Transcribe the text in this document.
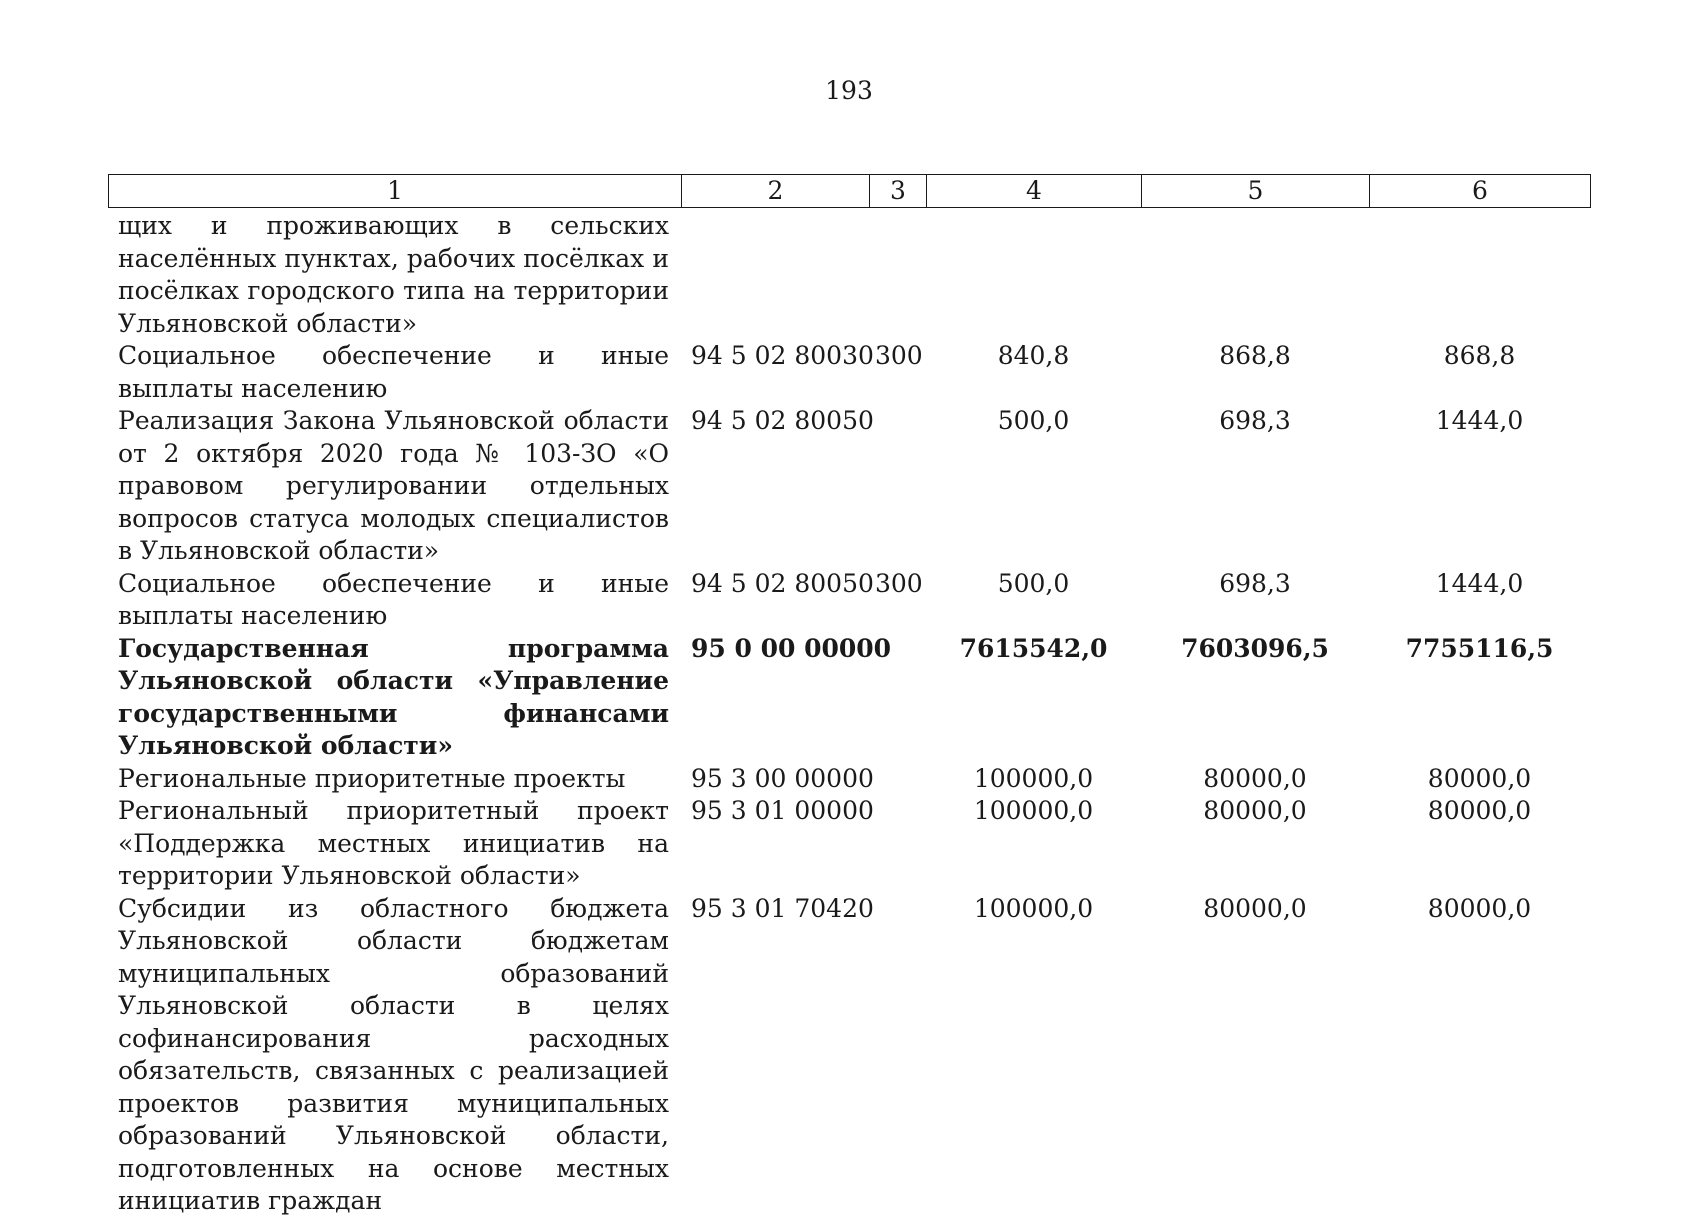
193
1	2	3	4	5	6

щих и проживающих в сельских населённых пунктах, рабочих посёлках и посёлках городского типа на территории Ульяновской области»					
Социальное обеспечение и иные выплаты населению	94 5 02 80030	300	840,8	868,8	868,8
Реализация Закона Ульяновской области от 2 октября 2020 года № 103-ЗО «О правовом регулировании отдельных вопросов статуса молодых специалистов в Ульяновской области»	94 5 02 80050		500,0	698,3	1444,0
Социальное обеспечение и иные выплаты населению	94 5 02 80050	300	500,0	698,3	1444,0
Государственная программа Ульяновской области «Управление государственными финансами Ульяновской области»	95 0 00 00000		7615542,0	7603096,5	7755116,5
Региональные приоритетные проекты	95 3 00 00000		100000,0	80000,0	80000,0
Региональный приоритетный проект «Поддержка местных инициатив на территории Ульяновской области»	95 3 01 00000		100000,0	80000,0	80000,0
Субсидии из областного бюджета Ульяновской области бюджетам муниципальных образований Ульяновской области в целях софинансирования расходных обязательств, связанных с реализацией проектов развития муниципальных образований Ульяновской области, подготовленных на основе местных инициатив граждан	95 3 01 70420		100000,0	80000,0	80000,0
